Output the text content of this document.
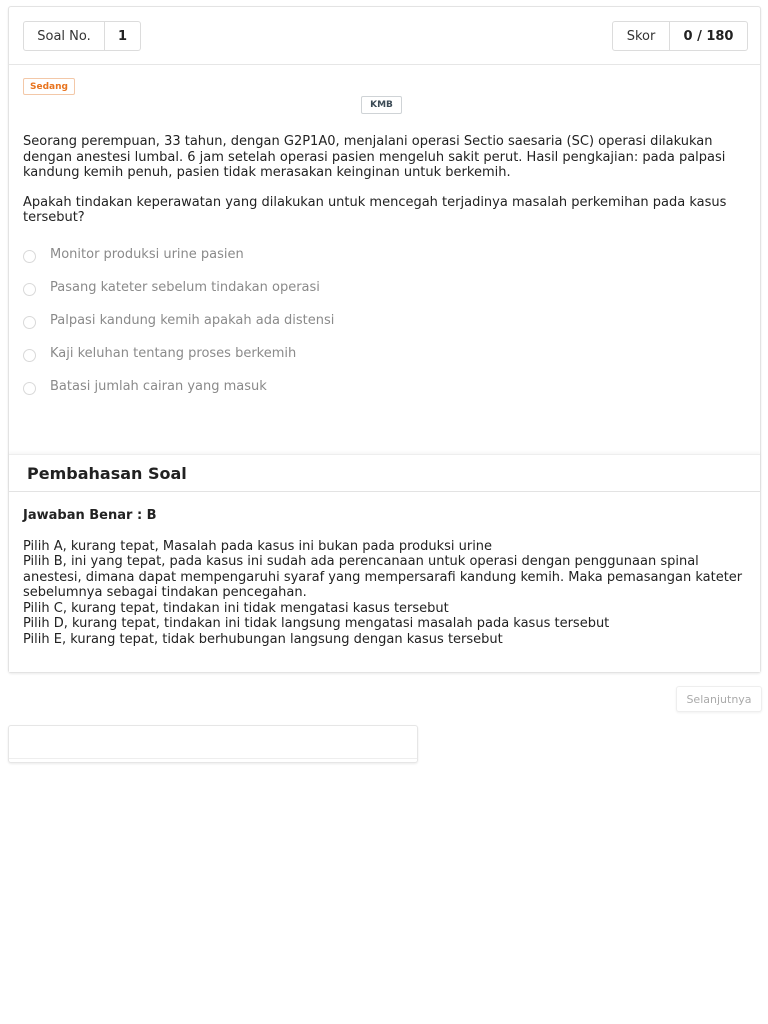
Soal No.	1	Skor	0 / 180
Sedang
KMB

Seorang perempuan, 33 tahun, dengan G2P1A0, menjalani operasi Sectio saesaria (SC) operasi dilakukan dengan anestesi lumbal. 6 jam setelah operasi pasien mengeluh sakit perut. Hasil pengkajian: pada palpasi kandung kemih penuh, pasien tidak merasakan keinginan untuk berkemih.

Apakah tindakan keperawatan yang dilakukan untuk mencegah terjadinya masalah perkemihan pada kasus tersebut?

Monitor produksi urine pasien
Pasang kateter sebelum tindakan operasi
Palpasi kandung kemih apakah ada distensi
Kaji keluhan tentang proses berkemih
Batasi jumlah cairan yang masuk
Pembahasan Soal
Jawaban Benar : B
Pilih A, kurang tepat, Masalah pada kasus ini bukan pada produksi urine
Pilih B, ini yang tepat, pada kasus ini sudah ada perencanaan untuk operasi dengan penggunaan spinal anestesi, dimana dapat mempengaruhi syaraf yang mempersarafi kandung kemih. Maka pemasangan kateter sebelumnya sebagai tindakan pencegahan.
Pilih C, kurang tepat, tindakan ini tidak mengatasi kasus tersebut
Pilih D, kurang tepat, tindakan ini tidak langsung mengatasi masalah pada kasus tersebut
Pilih E, kurang tepat, tidak berhubungan langsung dengan kasus tersebut
Selanjutnya
